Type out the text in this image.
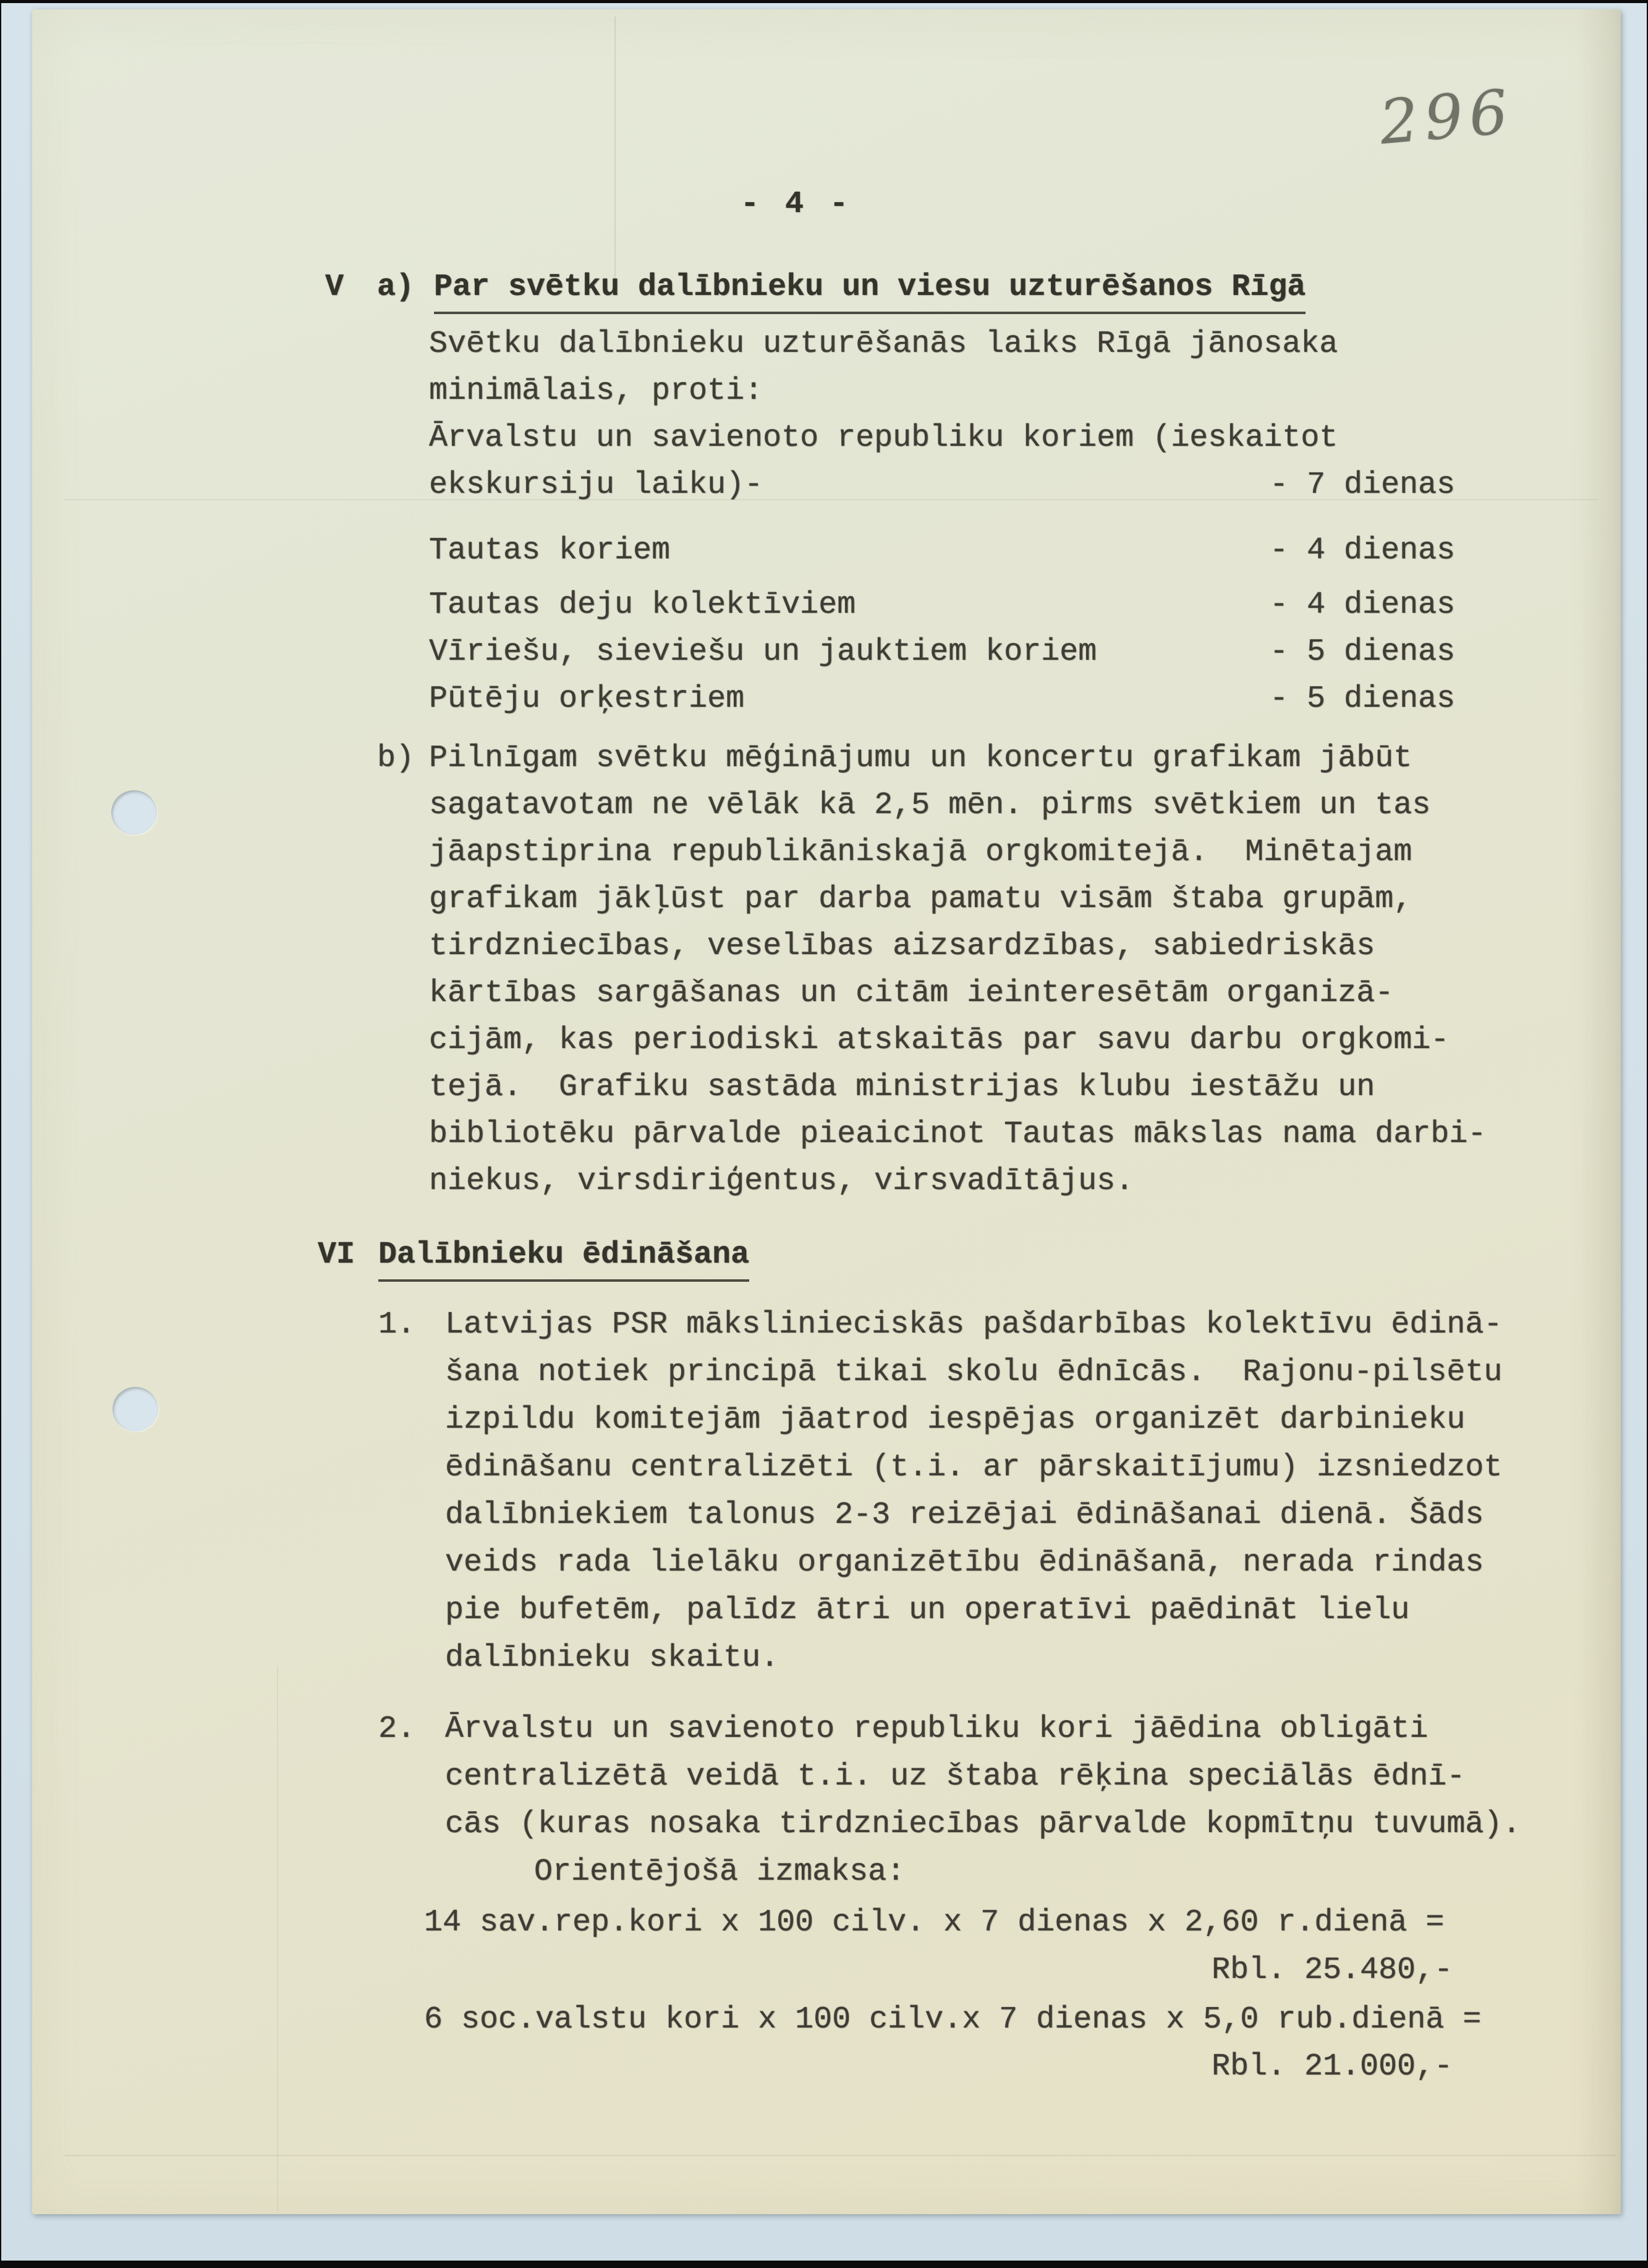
296
- 4 -
V a) Par svētku dalībnieku un viesu uzturēšanos Rīgā
Svētku dalībnieku uzturēšanās laiks Rīgā jānosaka
minimālais, proti:
Ārvalstu un savienoto republiku koriem (ieskaitot
ekskursiju laiku)-	- 7 dienas
Tautas koriem	- 4 dienas
Tautas deju kolektīviem	- 4 dienas
Vīriešu, sieviešu un jauktiem koriem	- 5 dienas
Pūtēju orķestriem	- 5 dienas
b) Pilnīgam svētku mēģinājumu un koncertu grafikam jābūt
sagatavotam ne vēlāk kā 2,5 mēn. pirms svētkiem un tas
jāapstiprina republikāniskajā orgkomitejā.  Minētajam
grafikam jākļūst par darba pamatu visām štaba grupām,
tirdzniecības, veselības aizsardzības, sabiedriskās
kārtības sargāšanas un citām ieinteresētām organizā-
cijām, kas periodiski atskaitās par savu darbu orgkomi-
tejā.  Grafiku sastāda ministrijas klubu iestāžu un
bibliotēku pārvalde pieaicinot Tautas mākslas nama darbi-
niekus, virsdiriģentus, virsvadītājus.
VI Dalībnieku ēdināšana
1. Latvijas PSR mākslinieciskās pašdarbības kolektīvu ēdinā-
šana notiek principā tikai skolu ēdnīcās.  Rajonu-pilsētu
izpildu komitejām jāatrod iespējas organizēt darbinieku
ēdināšanu centralizēti (t.i. ar pārskaitījumu) izsniedzot
dalībniekiem talonus 2-3 reizējai ēdināšanai dienā. Šāds
veids rada lielāku organizētību ēdināšanā, nerada rindas
pie bufetēm, palīdz ātri un operatīvi paēdināt lielu
dalībnieku skaitu.
2. Ārvalstu un savienoto republiku kori jāēdina obligāti
centralizētā veidā t.i. uz štaba rēķina speciālās ēdnī-
cās (kuras nosaka tirdzniecības pārvalde kopmītņu tuvumā).
Orientējošā izmaksa:
14 sav.rep.kori x 100 cilv. x 7 dienas x 2,60 r.dienā =
Rbl. 25.480,-
6 soc.valstu kori x 100 cilv.x 7 dienas x 5,0 rub.dienā =
Rbl. 21.000,-
